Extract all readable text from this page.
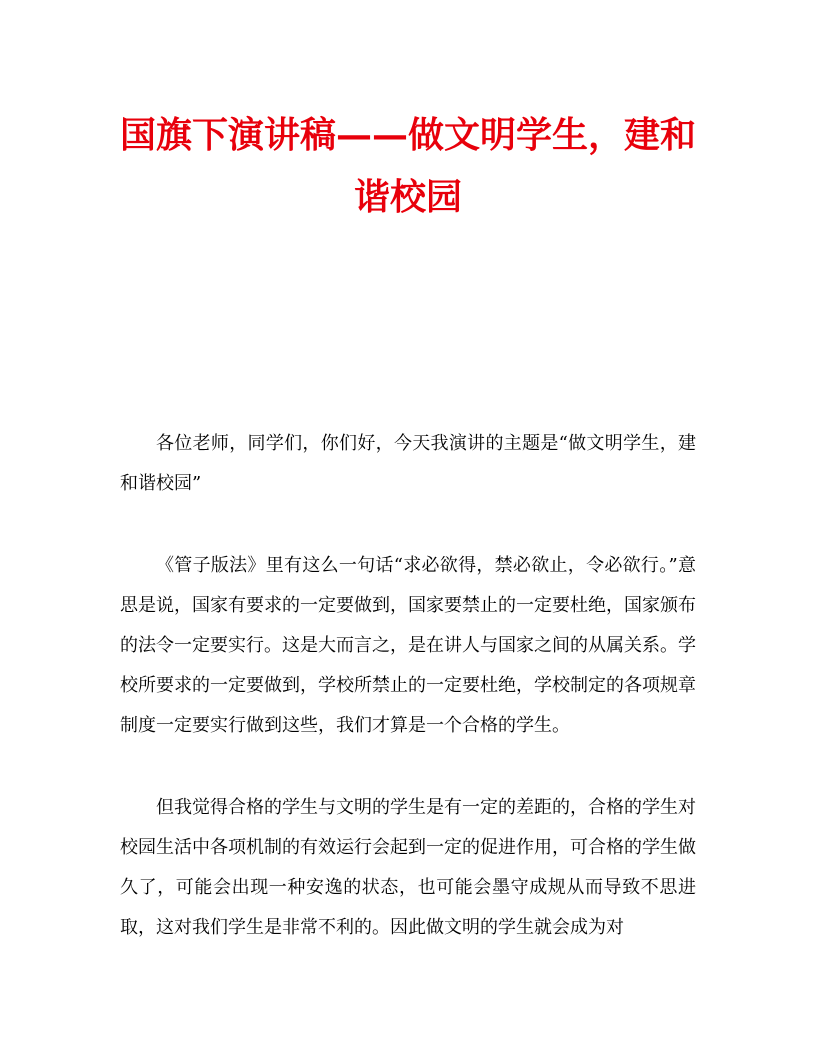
国旗下演讲稿——做文明学生，建和谐校园

各位老师，同学们，你们好，今天我演讲的主题是“做文明学生，建和谐校园”

《管子版法》里有这么一句话“求必欲得，禁必欲止，令必欲行。”意思是说，国家有要求的一定要做到，国家要禁止的一定要杜绝，国家颁布的法令一定要实行。这是大而言之，是在讲人与国家之间的从属关系。学校所要求的一定要做到，学校所禁止的一定要杜绝，学校制定的各项规章制度一定要实行做到这些，我们才算是一个合格的学生。

但我觉得合格的学生与文明的学生是有一定的差距的，合格的学生对校园生活中各项机制的有效运行会起到一定的促进作用，可合格的学生做久了，可能会出现一种安逸的状态，也可能会墨守成规从而导致不思进取，这对我们学生是非常不利的。因此做文明的学生就会成为对
